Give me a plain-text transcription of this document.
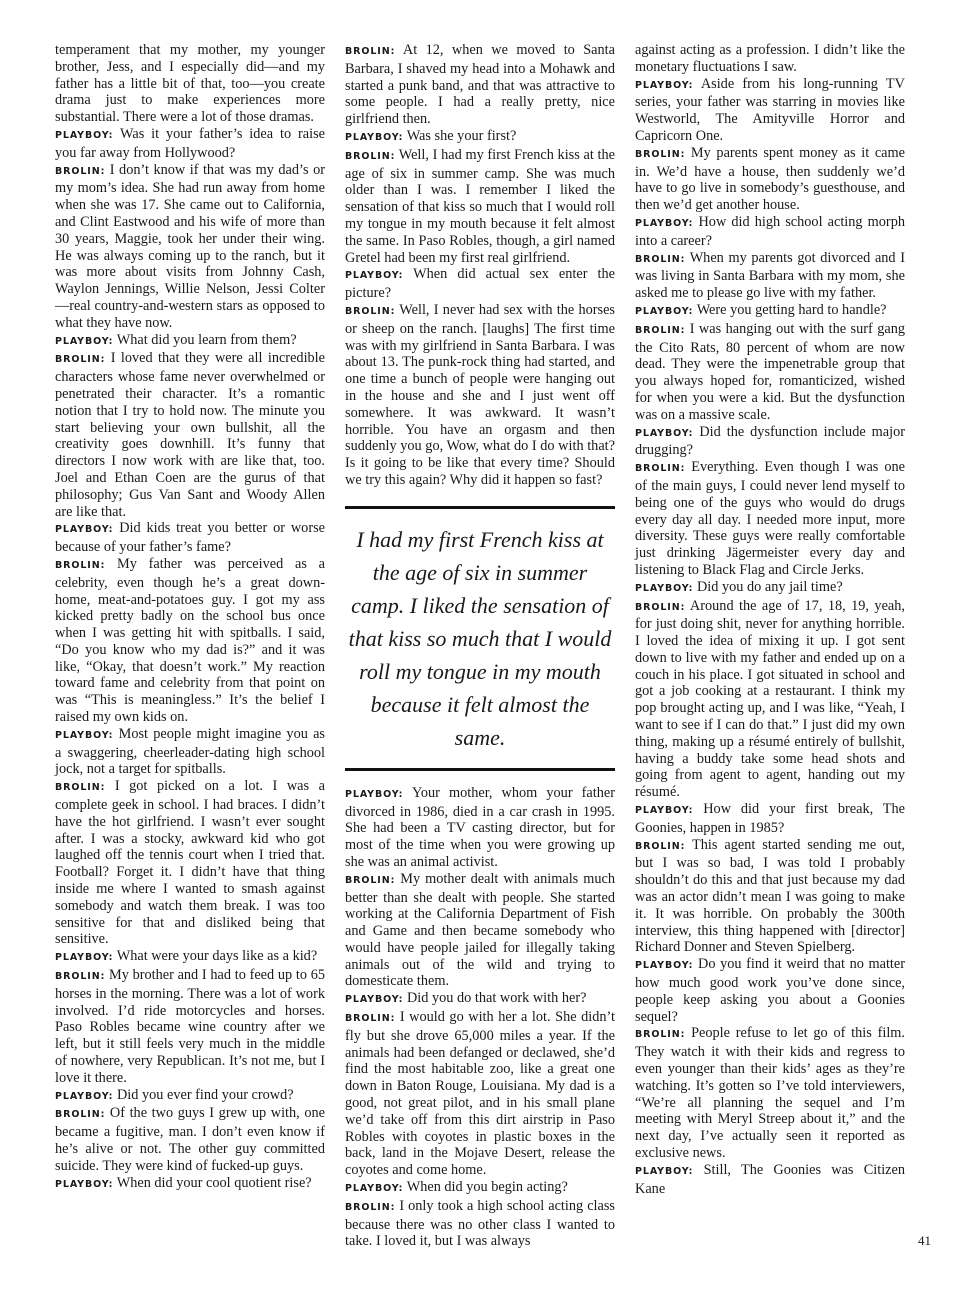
temperament that my mother, my younger brother, Jess, and I especially did—and my father has a little bit of that, too—you create drama just to make experiences more substantial. There were a lot of those dramas.

PLAYBOY: Was it your father’s idea to raise you far away from Hollywood?

BROLIN: I don’t know if that was my dad’s or my mom’s idea. She had run away from home when she was 17. She came out to California, and Clint Eastwood and his wife of more than 30 years, Maggie, took her under their wing. He was always coming up to the ranch, but it was more about visits from Johnny Cash, Waylon Jennings, Willie Nelson, Jessi Colter—real country-and-western stars as opposed to what they have now.

PLAYBOY: What did you learn from them?

BROLIN: I loved that they were all incredible characters whose fame never overwhelmed or penetrated their character. It’s a romantic notion that I try to hold now. The minute you start believing your own bullshit, all the creativity goes downhill. It’s funny that directors I now work with are like that, too. Joel and Ethan Coen are the gurus of that philosophy; Gus Van Sant and Woody Allen are like that.

PLAYBOY: Did kids treat you better or worse because of your father’s fame?

BROLIN: My father was perceived as a celebrity, even though he’s a great down-home, meat-and-potatoes guy. I got my ass kicked pretty badly on the school bus once when I was getting hit with spitballs. I said, “Do you know who my dad is?” and it was like, “Okay, that doesn’t work.” My reaction toward fame and celebrity from that point on was “This is meaningless.” It’s the belief I raised my own kids on.

PLAYBOY: Most people might imagine you as a swaggering, cheerleader-dating high school jock, not a target for spitballs.

BROLIN: I got picked on a lot. I was a complete geek in school. I had braces. I didn’t have the hot girlfriend. I wasn’t ever sought after. I was a stocky, awkward kid who got laughed off the tennis court when I tried that. Football? Forget it. I didn’t have that thing inside me where I wanted to smash against somebody and watch them break. I was too sensitive for that and disliked being that sensitive.

PLAYBOY: What were your days like as a kid?

BROLIN: My brother and I had to feed up to 65 horses in the morning. There was a lot of work involved. I’d ride motorcycles and horses. Paso Robles became wine country after we left, but it still feels very much in the middle of nowhere, very Republican. It’s not me, but I love it there.

PLAYBOY: Did you ever find your crowd?

BROLIN: Of the two guys I grew up with, one became a fugitive, man. I don’t even know if he’s alive or not. The other guy committed suicide. They were kind of fucked-up guys.

PLAYBOY: When did your cool quotient rise?

BROLIN: At 12, when we moved to Santa Barbara, I shaved my head into a Mohawk and started a punk band, and that was attractive to some people. I had a really pretty, nice girlfriend then.

PLAYBOY: Was she your first?

BROLIN: Well, I had my first French kiss at the age of six in summer camp. She was much older than I was. I remember I liked the sensation of that kiss so much that I would roll my tongue in my mouth because it felt almost the same. In Paso Robles, though, a girl named Gretel had been my first real girlfriend.

PLAYBOY: When did actual sex enter the picture?

BROLIN: Well, I never had sex with the horses or sheep on the ranch. [laughs] The first time was with my girlfriend in Santa Barbara. I was about 13. The punk-rock thing had started, and one time a bunch of people were hanging out in the house and she and I just went off somewhere. It was awkward. It wasn’t horrible. You have an orgasm and then suddenly you go, Wow, what do I do with that? Is it going to be like that every time? Should we try this again? Why did it happen so fast?

I had my first French kiss at the age of six in summer camp. I liked the sensation of that kiss so much that I would roll my tongue in my mouth because it felt almost the same.

PLAYBOY: Your mother, whom your father divorced in 1986, died in a car crash in 1995. She had been a TV casting director, but for most of the time when you were growing up she was an animal activist.

BROLIN: My mother dealt with animals much better than she dealt with people. She started working at the California Department of Fish and Game and then became somebody who would have people jailed for illegally taking animals out of the wild and trying to domesticate them.

PLAYBOY: Did you do that work with her?

BROLIN: I would go with her a lot. She didn’t fly but she drove 65,000 miles a year. If the animals had been defanged or declawed, she’d find the most habitable zoo, like a great one down in Baton Rouge, Louisiana. My dad is a good, not great pilot, and in his small plane we’d take off from this dirt airstrip in Paso Robles with coyotes in plastic boxes in the back, land in the Mojave Desert, release the coyotes and come home.

PLAYBOY: When did you begin acting?

BROLIN: I only took a high school acting class because there was no other class I wanted to take. I loved it, but I was always

against acting as a profession. I didn’t like the monetary fluctuations I saw.

PLAYBOY: Aside from his long-running TV series, your father was starring in movies like Westworld, The Amityville Horror and Capricorn One.

BROLIN: My parents spent money as it came in. We’d have a house, then suddenly we’d have to go live in somebody’s guesthouse, and then we’d get another house.

PLAYBOY: How did high school acting morph into a career?

BROLIN: When my parents got divorced and I was living in Santa Barbara with my mom, she asked me to please go live with my father.

PLAYBOY: Were you getting hard to handle?

BROLIN: I was hanging out with the surf gang the Cito Rats, 80 percent of whom are now dead. They were the impenetrable group that you always hoped for, romanticized, wished for when you were a kid. But the dysfunction was on a massive scale.

PLAYBOY: Did the dysfunction include major drugging?

BROLIN: Everything. Even though I was one of the main guys, I could never lend myself to being one of the guys who would do drugs every day all day. I needed more input, more diversity. These guys were really comfortable just drinking Jägermeister every day and listening to Black Flag and Circle Jerks.

PLAYBOY: Did you do any jail time?

BROLIN: Around the age of 17, 18, 19, yeah, for just doing shit, never for anything horrible. I loved the idea of mixing it up. I got sent down to live with my father and ended up on a couch in his place. I got situated in school and got a job cooking at a restaurant. I think my pop brought acting up, and I was like, “Yeah, I want to see if I can do that.” I just did my own thing, making up a résumé entirely of bullshit, having a buddy take some head shots and going from agent to agent, handing out my résumé.

PLAYBOY: How did your first break, The Goonies, happen in 1985?

BROLIN: This agent started sending me out, but I was so bad, I was told I probably shouldn’t do this and that just because my dad was an actor didn’t mean I was going to make it. It was horrible. On probably the 300th interview, this thing happened with [director] Richard Donner and Steven Spielberg.

PLAYBOY: Do you find it weird that no matter how much good work you’ve done since, people keep asking you about a Goonies sequel?

BROLIN: People refuse to let go of this film. They watch it with their kids and regress to even younger than their kids’ ages as they’re watching. It’s gotten so I’ve told interviewers, “We’re all planning the sequel and I’m meeting with Meryl Streep about it,” and the next day, I’ve actually seen it reported as exclusive news.

PLAYBOY: Still, The Goonies was Citizen Kane

41
